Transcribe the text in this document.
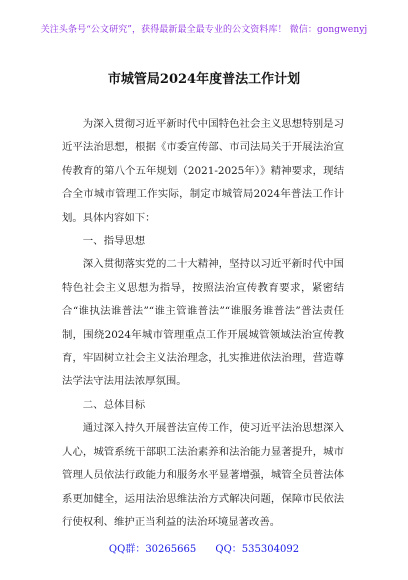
关注头条号“公文研究”，获得最新最全最专业的公文资料库！ 微信：gongwenyj
市城管局2024年度普法工作计划

为深入贯彻习近平新时代中国特色社会主义思想特别是习近平法治思想，根据《市委宣传部、市司法局关于开展法治宣传教育的第八个五年规划（2021-2025年）》精神要求，现结合全市城市管理工作实际，制定市城管局2024年普法工作计划。具体内容如下：

一、指导思想

深入贯彻落实党的二十大精神，坚持以习近平新时代中国特色社会主义思想为指导，按照法治宣传教育要求，紧密结合“谁执法谁普法”“谁主管谁普法”“谁服务谁普法”普法责任制，围绕2024年城市管理重点工作开展城管领域法治宣传教育，牢固树立社会主义法治理念，扎实推进依法治理，营造尊法学法守法用法浓厚氛围。

二、总体目标

通过深入持久开展普法宣传工作，使习近平法治思想深入人心，城管系统干部职工法治素养和法治能力显著提升，城市管理人员依法行政能力和服务水平显著增强，城管全员普法体系更加健全，运用法治思维法治方式解决问题，保障市民依法行使权利、维护正当利益的法治环境显著改善。

QQ群：30265665 QQ：535304092
